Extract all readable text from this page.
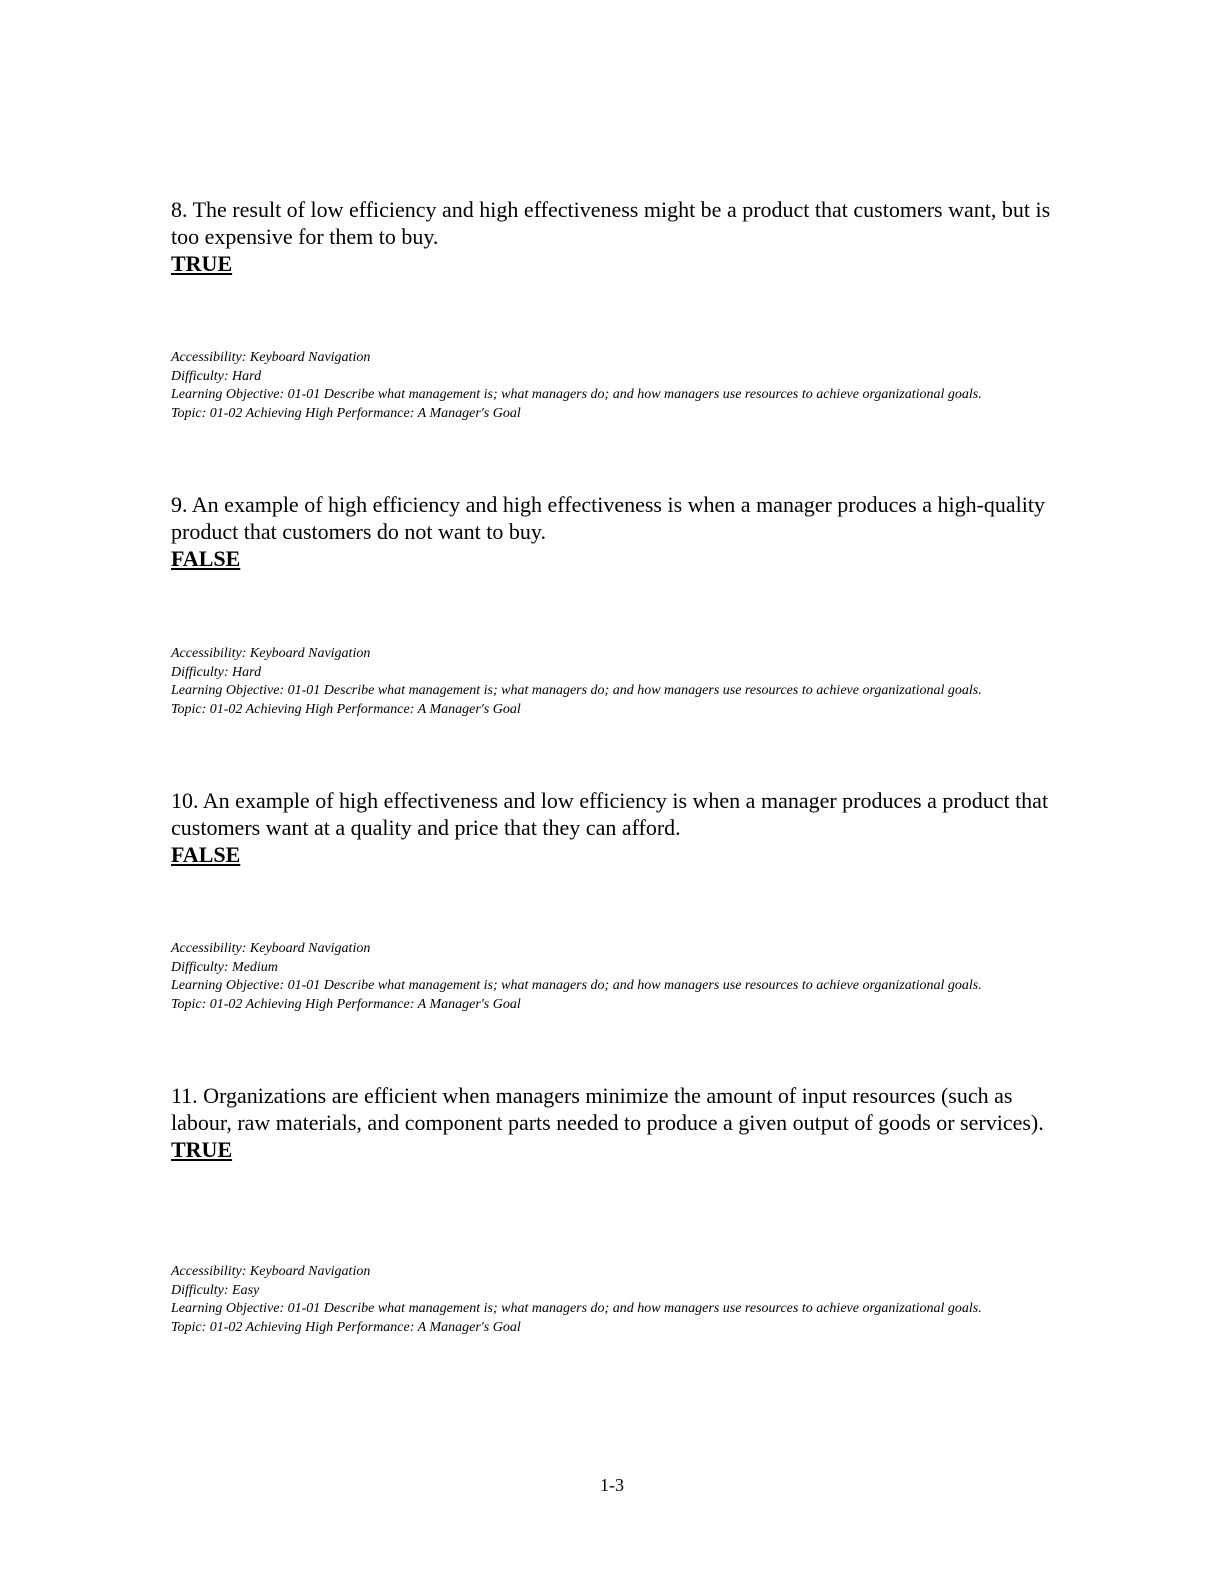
8. The result of low efficiency and high effectiveness might be a product that customers want, but is too expensive for them to buy.

TRUE

Accessibility: Keyboard Navigation
Difficulty: Hard
Learning Objective: 01-01 Describe what management is; what managers do; and how managers use resources to achieve organizational goals.
Topic: 01-02 Achieving High Performance: A Manager's Goal

9. An example of high efficiency and high effectiveness is when a manager produces a high-quality product that customers do not want to buy.

FALSE

Accessibility: Keyboard Navigation
Difficulty: Hard
Learning Objective: 01-01 Describe what management is; what managers do; and how managers use resources to achieve organizational goals.
Topic: 01-02 Achieving High Performance: A Manager's Goal

10. An example of high effectiveness and low efficiency is when a manager produces a product that customers want at a quality and price that they can afford.

FALSE

Accessibility: Keyboard Navigation
Difficulty: Medium
Learning Objective: 01-01 Describe what management is; what managers do; and how managers use resources to achieve organizational goals.
Topic: 01-02 Achieving High Performance: A Manager's Goal

11. Organizations are efficient when managers minimize the amount of input resources (such as labour, raw materials, and component parts needed to produce a given output of goods or services).

TRUE

Accessibility: Keyboard Navigation
Difficulty: Easy
Learning Objective: 01-01 Describe what management is; what managers do; and how managers use resources to achieve organizational goals.
Topic: 01-02 Achieving High Performance: A Manager's Goal
1-3
